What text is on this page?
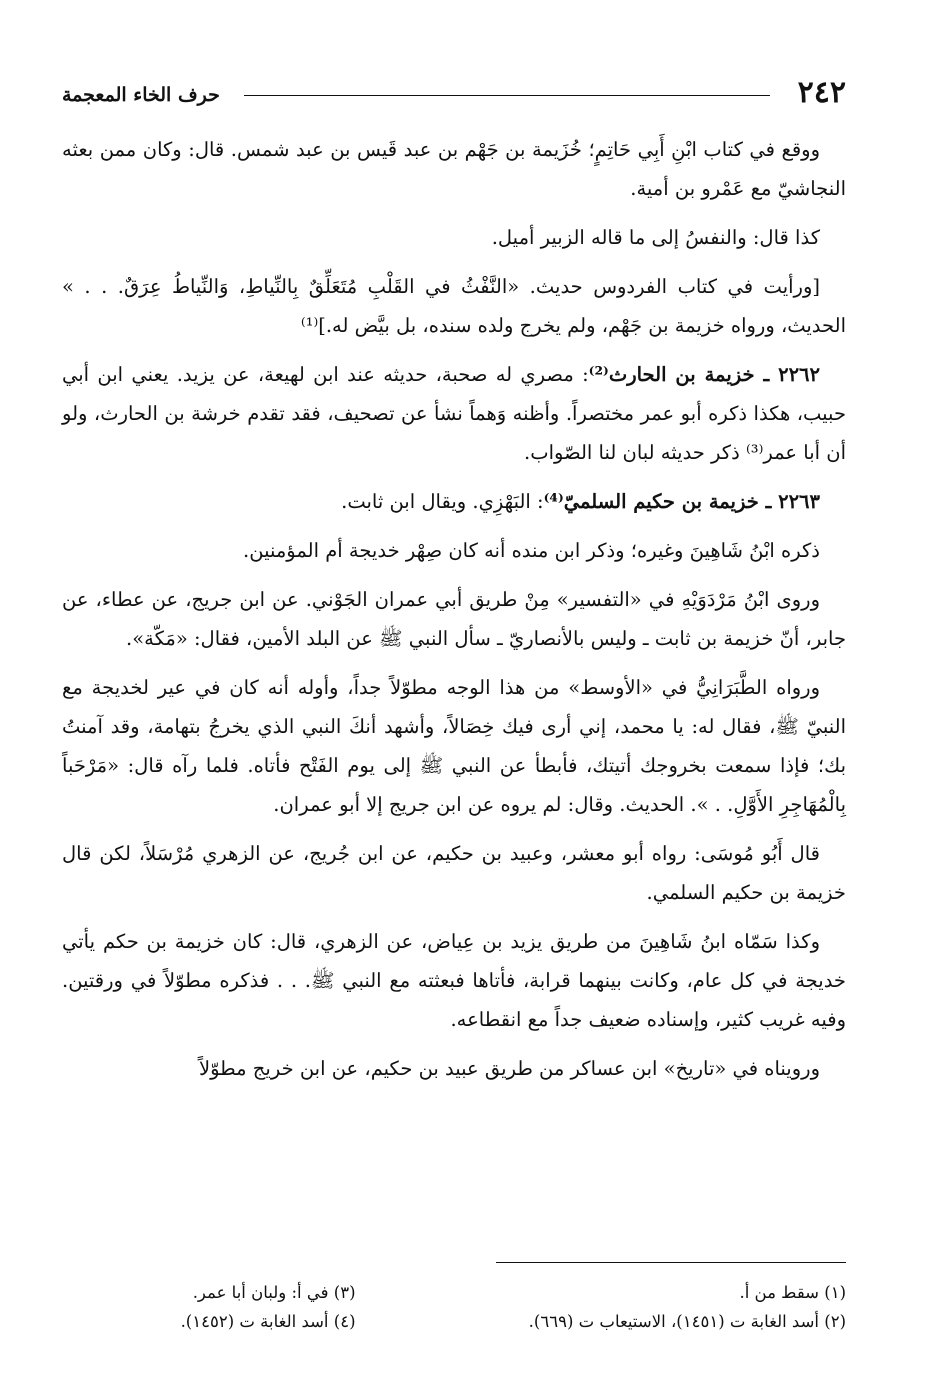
٢٤٢
حرف الخاء المعجمة

ووقع في كتاب ابْنِ أَبِي حَاتِمٍ؛ خُزَيمة بن جَهْم بن عبد قَيس بن عبد شمس. قال: وكان ممن بعثه النجاشيّ مع عَمْرو بن أمية.

كذا قال: والنفسُ إلى ما قاله الزبير أميل.

[ورأيت في كتاب الفردوس حديث. «النَّفْثُ في القَلْبِ مُتَعَلِّقٌ بِالنِّياطِ، وَالنِّياطُ عِرَقٌ. . . » الحديث، ورواه خزيمة بن جَهْم، ولم يخرج ولده سنده، بل بيَّض له.]⁽¹⁾

٢٢٦٢ ـ خزيمة بن الحارث⁽²⁾: مصري له صحبة، حديثه عند ابن لهيعة، عن يزيد. يعني ابن أبي حبيب، هكذا ذكره أبو عمر مختصراً. وأظنه وَهماً نشأ عن تصحيف، فقد تقدم خرشة بن الحارث، ولو أن أبا عمر⁽³⁾ ذكر حديثه لبان لنا الصّواب.

٢٢٦٣ ـ خزيمة بن حكيم السلميّ⁽⁴⁾: البَهْزِي. ويقال ابن ثابت.

ذكره ابْنُ شَاهِينَ وغيره؛ وذكر ابن منده أنه كان صِهْر خديجة أم المؤمنين.

وروى ابْنُ مَرْدَوَيْهِ في «التفسير» مِنْ طريق أبي عمران الجَوْني. عن ابن جريج، عن عطاء، عن جابر، أنّ خزيمة بن ثابت ـ وليس بالأنصاريّ ـ سأل النبي ﷺ عن البلد الأمين، فقال: «مَكّة».

ورواه الطَّبَرَانِيُّ في «الأوسط» من هذا الوجه مطوّلاً جداً، وأوله أنه كان في عير لخديجة مع النبيّ ﷺ، فقال له: يا محمد، إني أرى فيك خِصَالاً، وأشهد أنكَ النبي الذي يخرجُ بتهامة، وقد آمنتُ بك؛ فإذا سمعت بخروجك أتيتك، فأبطأ عن النبي ﷺ إلى يوم الفَتْح فأتاه. فلما رآه قال: «مَرْحَباً بِالْمُهَاجِرِ الأَوَّلِ. . ». الحديث. وقال: لم يروه عن ابن جريج إلا أبو عمران.

قال أَبُو مُوسَى: رواه أبو معشر، وعبيد بن حكيم، عن ابن جُريج، عن الزهري مُرْسَلاً، لكن قال خزيمة بن حكيم السلمي.

وكذا سَمّاه ابنُ شَاهِينَ من طريق يزيد بن عِياض، عن الزهري، قال: كان خزيمة بن حكم يأتي خديجة في كل عام، وكانت بينهما قرابة، فأتاها فبعثته مع النبي ﷺ. . . فذكره مطوّلاً في ورقتين. وفيه غريب كثير، وإسناده ضعيف جداً مع انقطاعه.

ورويناه في «تاريخ» ابن عساكر من طريق عبيد بن حكيم، عن ابن خريج مطوّلاً

(١) سقط من أ.
(٣) في أ: ولبان أبا عمر.
(٢) أسد الغابة ت (١٤٥١)، الاستيعاب ت (٦٦٩).
(٤) أسد الغابة ت (١٤٥٢).
